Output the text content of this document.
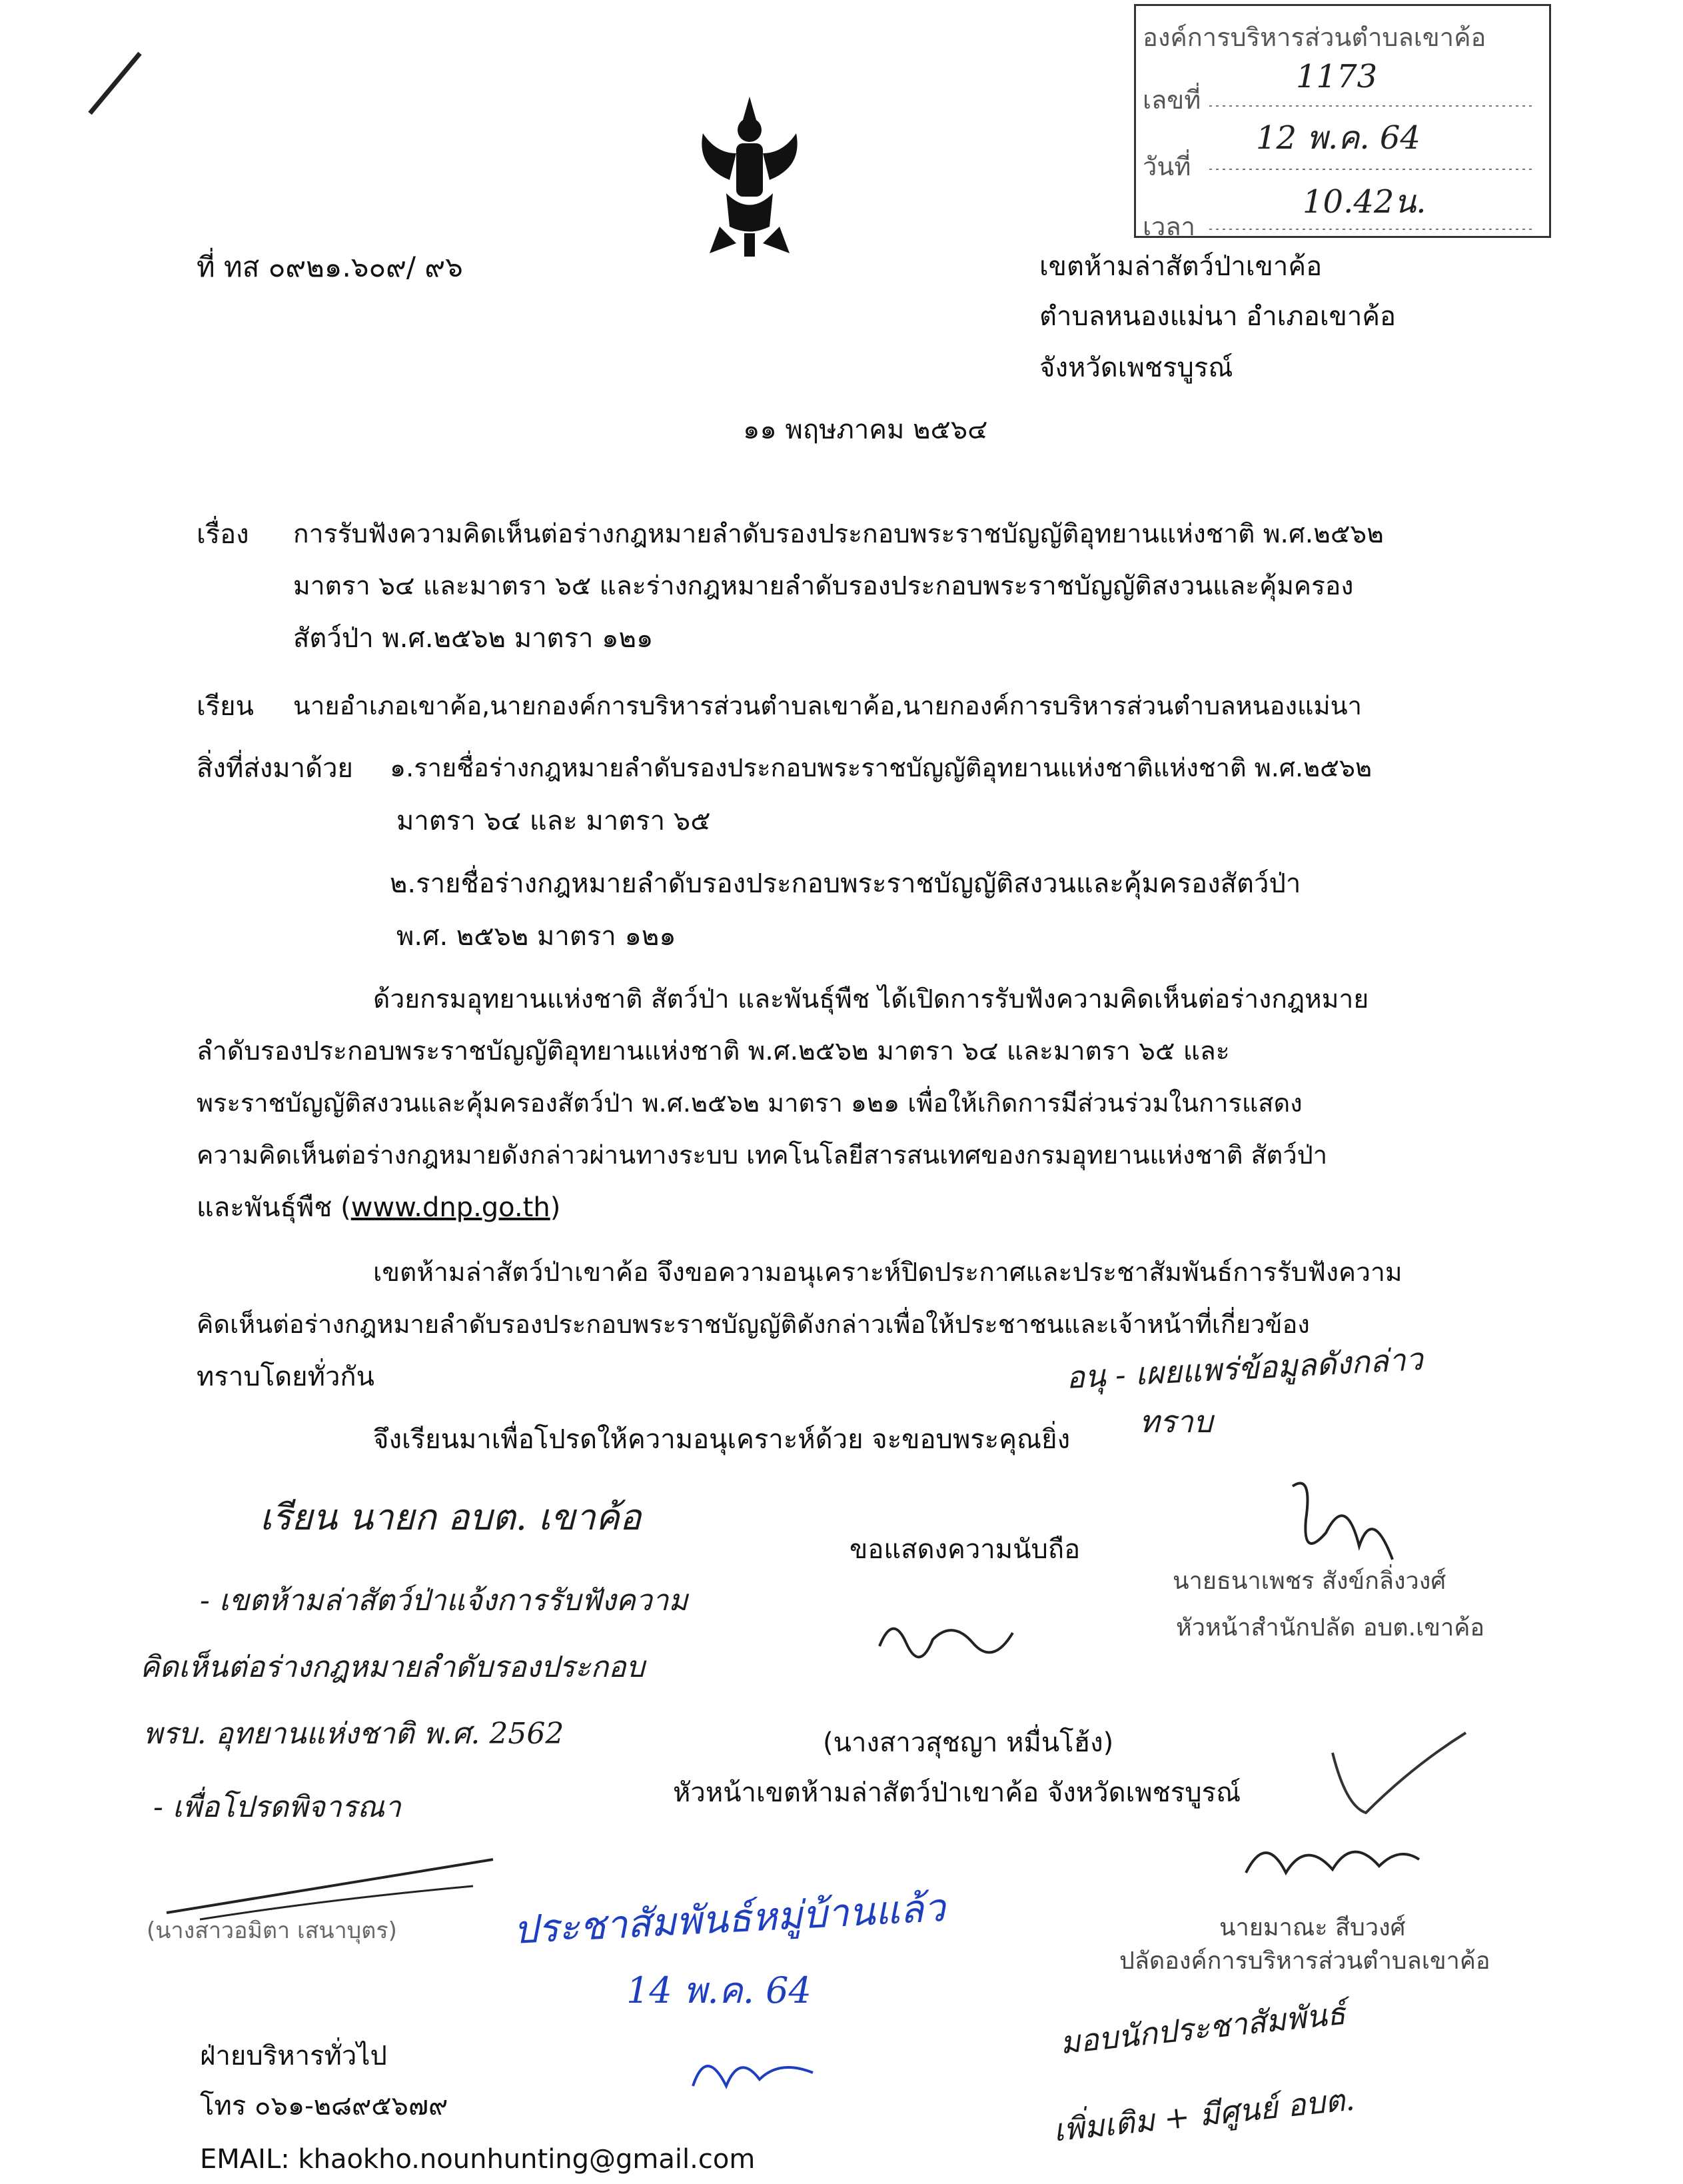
องค์การบริหารส่วนตำบลเขาค้อ
เลขที่
1173
วันที่
12 พ.ค. 64
เวลา
10.42น.
ที่ ทส ๐๙๒๑.๖๐๙/ ๙๖	เขตห้ามล่าสัตว์ป่าเขาค้อ
ตำบลหนองแม่นา อำเภอเขาค้อ
จังหวัดเพชรบูรณ์
๑๑ พฤษภาคม ๒๕๖๔
เรื่อง การรับฟังความคิดเห็นต่อร่างกฎหมายลำดับรองประกอบพระราชบัญญัติอุทยานแห่งชาติ พ.ศ.๒๕๖๒
มาตรา ๖๔ และมาตรา ๖๕ และร่างกฎหมายลำดับรองประกอบพระราชบัญญัติสงวนและคุ้มครอง
สัตว์ป่า พ.ศ.๒๕๖๒ มาตรา ๑๒๑
เรียน นายอำเภอเขาค้อ,นายกองค์การบริหารส่วนตำบลเขาค้อ,นายกองค์การบริหารส่วนตำบลหนองแม่นา
สิ่งที่ส่งมาด้วย ๑.รายชื่อร่างกฎหมายลำดับรองประกอบพระราชบัญญัติอุทยานแห่งชาติแห่งชาติ พ.ศ.๒๕๖๒
มาตรา ๖๔ และ มาตรา ๖๕
๒.รายชื่อร่างกฎหมายลำดับรองประกอบพระราชบัญญัติสงวนและคุ้มครองสัตว์ป่า
พ.ศ. ๒๕๖๒ มาตรา ๑๒๑
ด้วยกรมอุทยานแห่งชาติ สัตว์ป่า และพันธุ์พืช ได้เปิดการรับฟังความคิดเห็นต่อร่างกฎหมาย
ลำดับรองประกอบพระราชบัญญัติอุทยานแห่งชาติ พ.ศ.๒๕๖๒ มาตรา ๖๔ และมาตรา ๖๕ และ
พระราชบัญญัติสงวนและคุ้มครองสัตว์ป่า พ.ศ.๒๕๖๒ มาตรา ๑๒๑ เพื่อให้เกิดการมีส่วนร่วมในการแสดง
ความคิดเห็นต่อร่างกฎหมายดังกล่าวผ่านทางระบบ เทคโนโลยีสารสนเทศของกรมอุทยานแห่งชาติ สัตว์ป่า
และพันธุ์พืช (www.dnp.go.th)
เขตห้ามล่าสัตว์ป่าเขาค้อ จึงขอความอนุเคราะห์ปิดประกาศและประชาสัมพันธ์การรับฟังความ
คิดเห็นต่อร่างกฎหมายลำดับรองประกอบพระราชบัญญัติดังกล่าวเพื่อให้ประชาชนและเจ้าหน้าที่เกี่ยวข้อง
ทราบโดยทั่วกัน
จึงเรียนมาเพื่อโปรดให้ความอนุเคราะห์ด้วย จะขอบพระคุณยิ่ง
ขอแสดงความนับถือ
(นางสาวสุชญา หมื่นโฮ้ง)
หัวหน้าเขตห้ามล่าสัตว์ป่าเขาค้อ จังหวัดเพชรบูรณ์
ฝ่ายบริหารทั่วไป
โทร ๐๖๑-๒๘๙๕๖๗๙
EMAIL: khaokho.nounhunting@gmail.com
อนุ - เผยแพร่ข้อมูลดังกล่าว
ทราบ
นายธนาเพชร สังข์กลิ่งวงศ์
หัวหน้าสำนักปลัด อบต.เขาค้อ
นายมาณะ สีบวงศ์
ปลัดองค์การบริหารส่วนตำบลเขาค้อ
มอบนักประชาสัมพันธ์
เพิ่มเติม + มีศูนย์ อบต.
เรียน นายก อบต. เขาค้อ
- เขตห้ามล่าสัตว์ป่าแจ้งการรับฟังความ
คิดเห็นต่อร่างกฎหมายลำดับรองประกอบ
พรบ. อุทยานแห่งชาติ พ.ศ. 2562
- เพื่อโปรดพิจารณา
(นางสาวอมิตา เสนาบุตร)	ประชาสัมพันธ์หมู่บ้านแล้ว
14 พ.ค. 64
